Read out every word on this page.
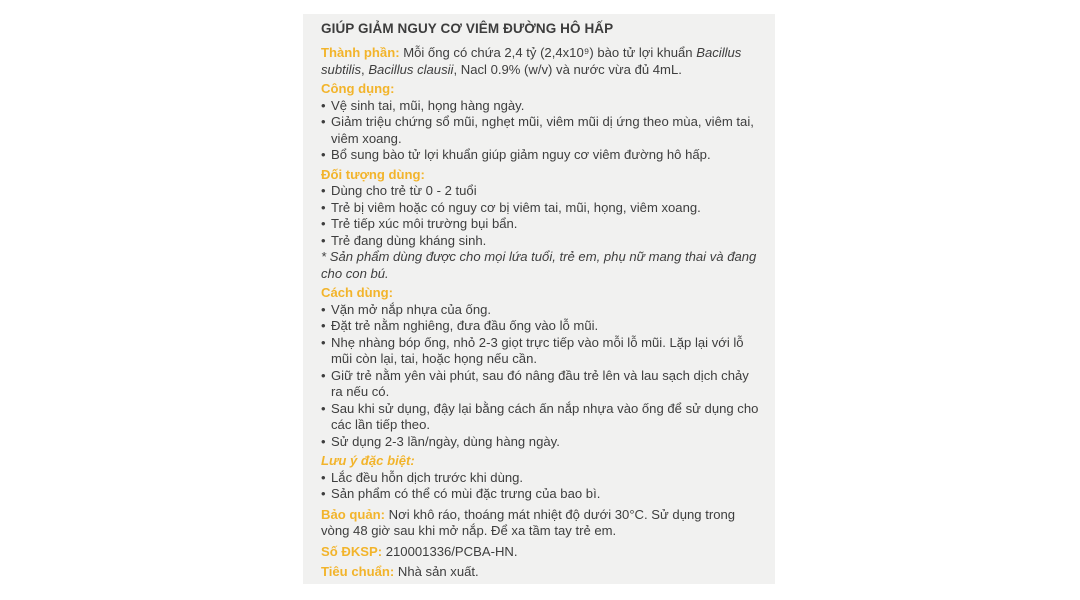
GIÚP GIẢM NGUY CƠ VIÊM ĐƯỜNG HÔ HẤP
Thành phần: Mỗi ống có chứa 2,4 tỷ (2,4x10⁹) bào tử lợi khuẩn Bacillus subtilis, Bacillus clausii, Nacl 0.9% (w/v) và nước vừa đủ 4mL.
Công dụng:
• Vệ sinh tai, mũi, họng hàng ngày.
• Giảm triệu chứng sổ mũi, nghẹt mũi, viêm mũi dị ứng theo mùa, viêm tai, viêm xoang.
• Bổ sung bào tử lợi khuẩn giúp giảm nguy cơ viêm đường hô hấp.
Đối tượng dùng:
• Dùng cho trẻ từ 0 - 2 tuổi
• Trẻ bị viêm hoặc có nguy cơ bị viêm tai, mũi, họng, viêm xoang.
• Trẻ tiếp xúc môi trường bụi bẩn.
• Trẻ đang dùng kháng sinh.
* Sản phẩm dùng được cho mọi lứa tuổi, trẻ em, phụ nữ mang thai và đang cho con bú.
Cách dùng:
• Vặn mở nắp nhựa của ống.
• Đặt trẻ nằm nghiêng, đưa đầu ống vào lỗ mũi.
• Nhẹ nhàng bóp ống, nhỏ 2-3 giọt trực tiếp vào mỗi lỗ mũi. Lặp lại với lỗ mũi còn lại, tai, hoặc họng nếu cần.
• Giữ trẻ nằm yên vài phút, sau đó nâng đầu trẻ lên và lau sạch dịch chảy ra nếu có.
• Sau khi sử dụng, đậy lại bằng cách ấn nắp nhựa vào ống để sử dụng cho các lần tiếp theo.
• Sử dụng 2-3 lần/ngày, dùng hàng ngày.
Lưu ý đặc biệt:
• Lắc đều hỗn dịch trước khi dùng.
• Sản phẩm có thể có mùi đặc trưng của bao bì.
Bảo quản: Nơi khô ráo, thoáng mát nhiệt độ dưới 30°C. Sử dụng trong vòng 48 giờ sau khi mở nắp. Để xa tầm tay trẻ em.
Số ĐKSP: 210001336/PCBA-HN.
Tiêu chuẩn: Nhà sản xuất.
